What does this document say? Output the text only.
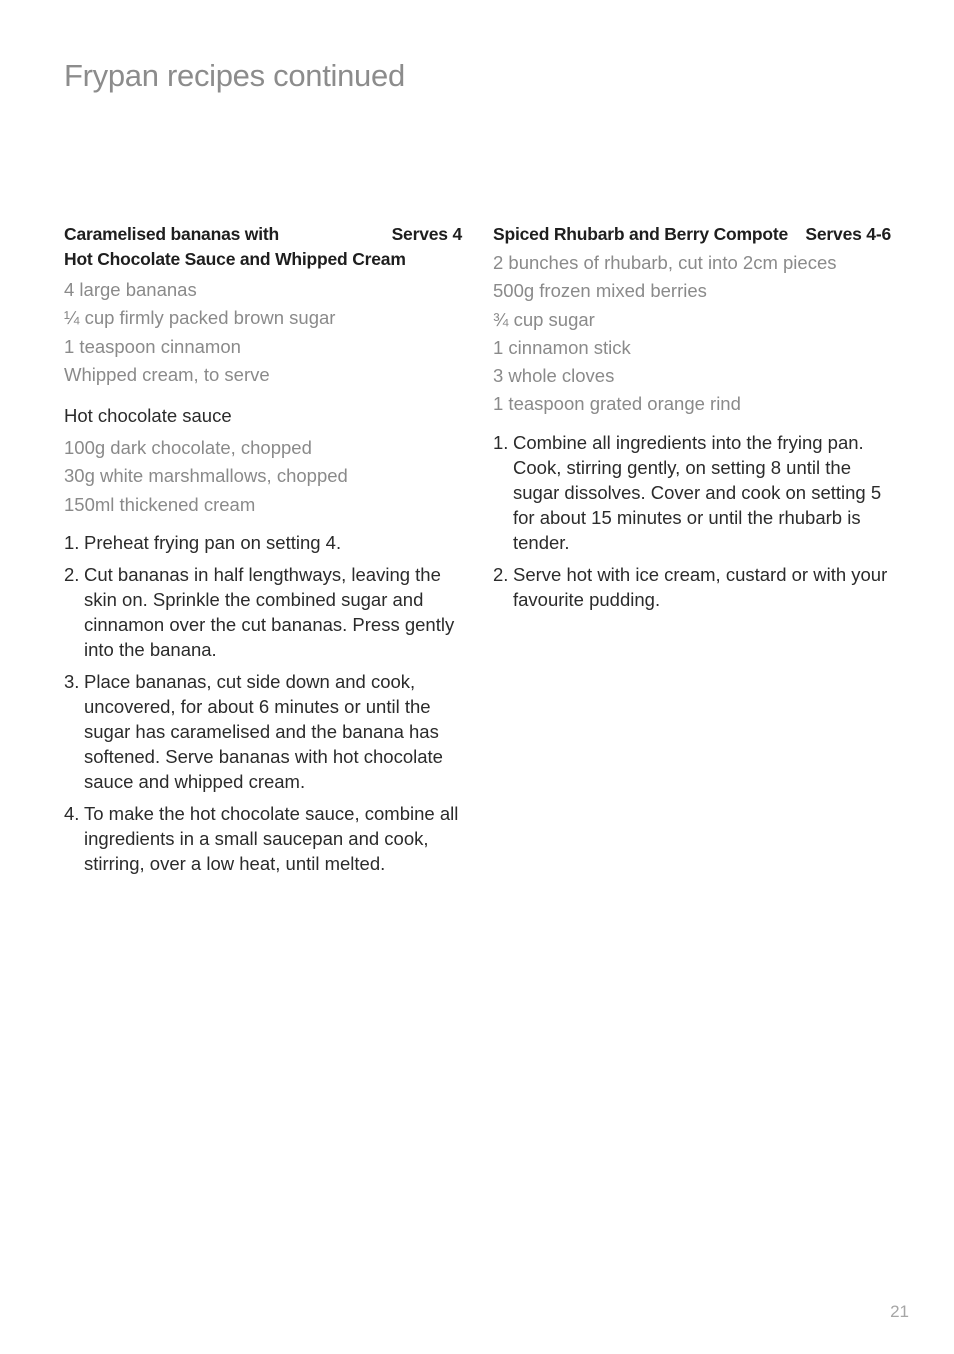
Frypan recipes continued
Caramelised bananas with	Serves 4
Hot Chocolate Sauce and Whipped Cream
4 large bananas
¼ cup firmly packed brown sugar
1 teaspoon cinnamon
Whipped cream, to serve
Hot chocolate sauce
100g dark chocolate, chopped
30g white marshmallows, chopped
150ml thickened cream
1. Preheat frying pan on setting 4.
2. Cut bananas in half lengthways, leaving the skin on. Sprinkle the combined sugar and cinnamon over the cut bananas. Press gently into the banana.
3. Place bananas, cut side down and cook, uncovered, for about 6 minutes or until the sugar has caramelised and the banana has softened. Serve bananas with hot chocolate sauce and whipped cream.
4. To make the hot chocolate sauce, combine all ingredients in a small saucepan and cook, stirring, over a low heat, until melted.
Spiced Rhubarb and Berry Compote Serves 4-6
2 bunches of rhubarb, cut into 2cm pieces
500g frozen mixed berries
¾ cup sugar
1 cinnamon stick
3 whole cloves
1 teaspoon grated orange rind
1. Combine all ingredients into the frying pan. Cook, stirring gently, on setting 8 until the sugar dissolves. Cover and cook on setting 5 for about 15 minutes or until the rhubarb is tender.
2. Serve hot with ice cream, custard or with your favourite pudding.
21
